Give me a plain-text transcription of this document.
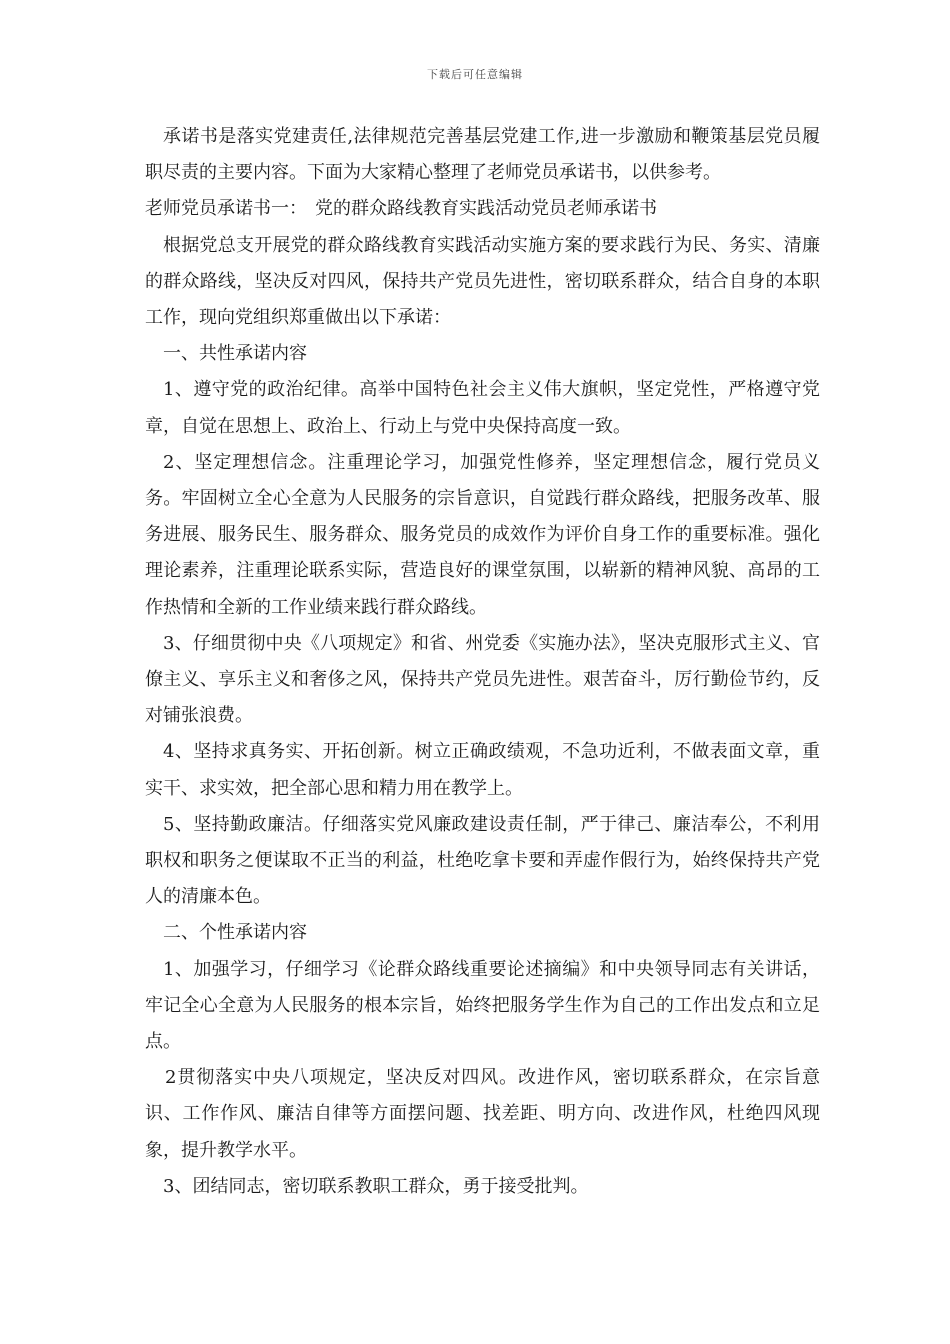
下载后可任意编辑

承诺书是落实党建责任,法律规范完善基层党建工作,进一步激励和鞭策基层党员履职尽责的主要内容。下面为大家精心整理了老师党员承诺书，以供参考。

老师党员承诺书一： 党的群众路线教育实践活动党员老师承诺书

根据党总支开展党的群众路线教育实践活动实施方案的要求践行为民、务实、清廉的群众路线，坚决反对四风，保持共产党员先进性，密切联系群众，结合自身的本职工作，现向党组织郑重做出以下承诺：

一、共性承诺内容

1、遵守党的政治纪律。高举中国特色社会主义伟大旗帜，坚定党性，严格遵守党章，自觉在思想上、政治上、行动上与党中央保持高度一致。

2、坚定理想信念。注重理论学习，加强党性修养，坚定理想信念，履行党员义务。牢固树立全心全意为人民服务的宗旨意识，自觉践行群众路线，把服务改革、服务进展、服务民生、服务群众、服务党员的成效作为评价自身工作的重要标准。强化理论素养，注重理论联系实际，营造良好的课堂氛围，以崭新的精神风貌、高昂的工作热情和全新的工作业绩来践行群众路线。

3、仔细贯彻中央《八项规定》和省、州党委《实施办法》，坚决克服形式主义、官僚主义、享乐主义和奢侈之风，保持共产党员先进性。艰苦奋斗，厉行勤俭节约，反对铺张浪费。

4、坚持求真务实、开拓创新。树立正确政绩观，不急功近利，不做表面文章，重实干、求实效，把全部心思和精力用在教学上。

5、坚持勤政廉洁。仔细落实党风廉政建设责任制，严于律己、廉洁奉公，不利用职权和职务之便谋取不正当的利益，杜绝吃拿卡要和弄虚作假行为，始终保持共产党人的清廉本色。

二、个性承诺内容

1、加强学习，仔细学习《论群众路线重要论述摘编》和中央领导同志有关讲话，牢记全心全意为人民服务的根本宗旨，始终把服务学生作为自己的工作出发点和立足点。

2贯彻落实中央八项规定，坚决反对四风。改进作风，密切联系群众，在宗旨意识、工作作风、廉洁自律等方面摆问题、找差距、明方向、改进作风，杜绝四风现象，提升教学水平。

3、团结同志，密切联系教职工群众，勇于接受批判。
